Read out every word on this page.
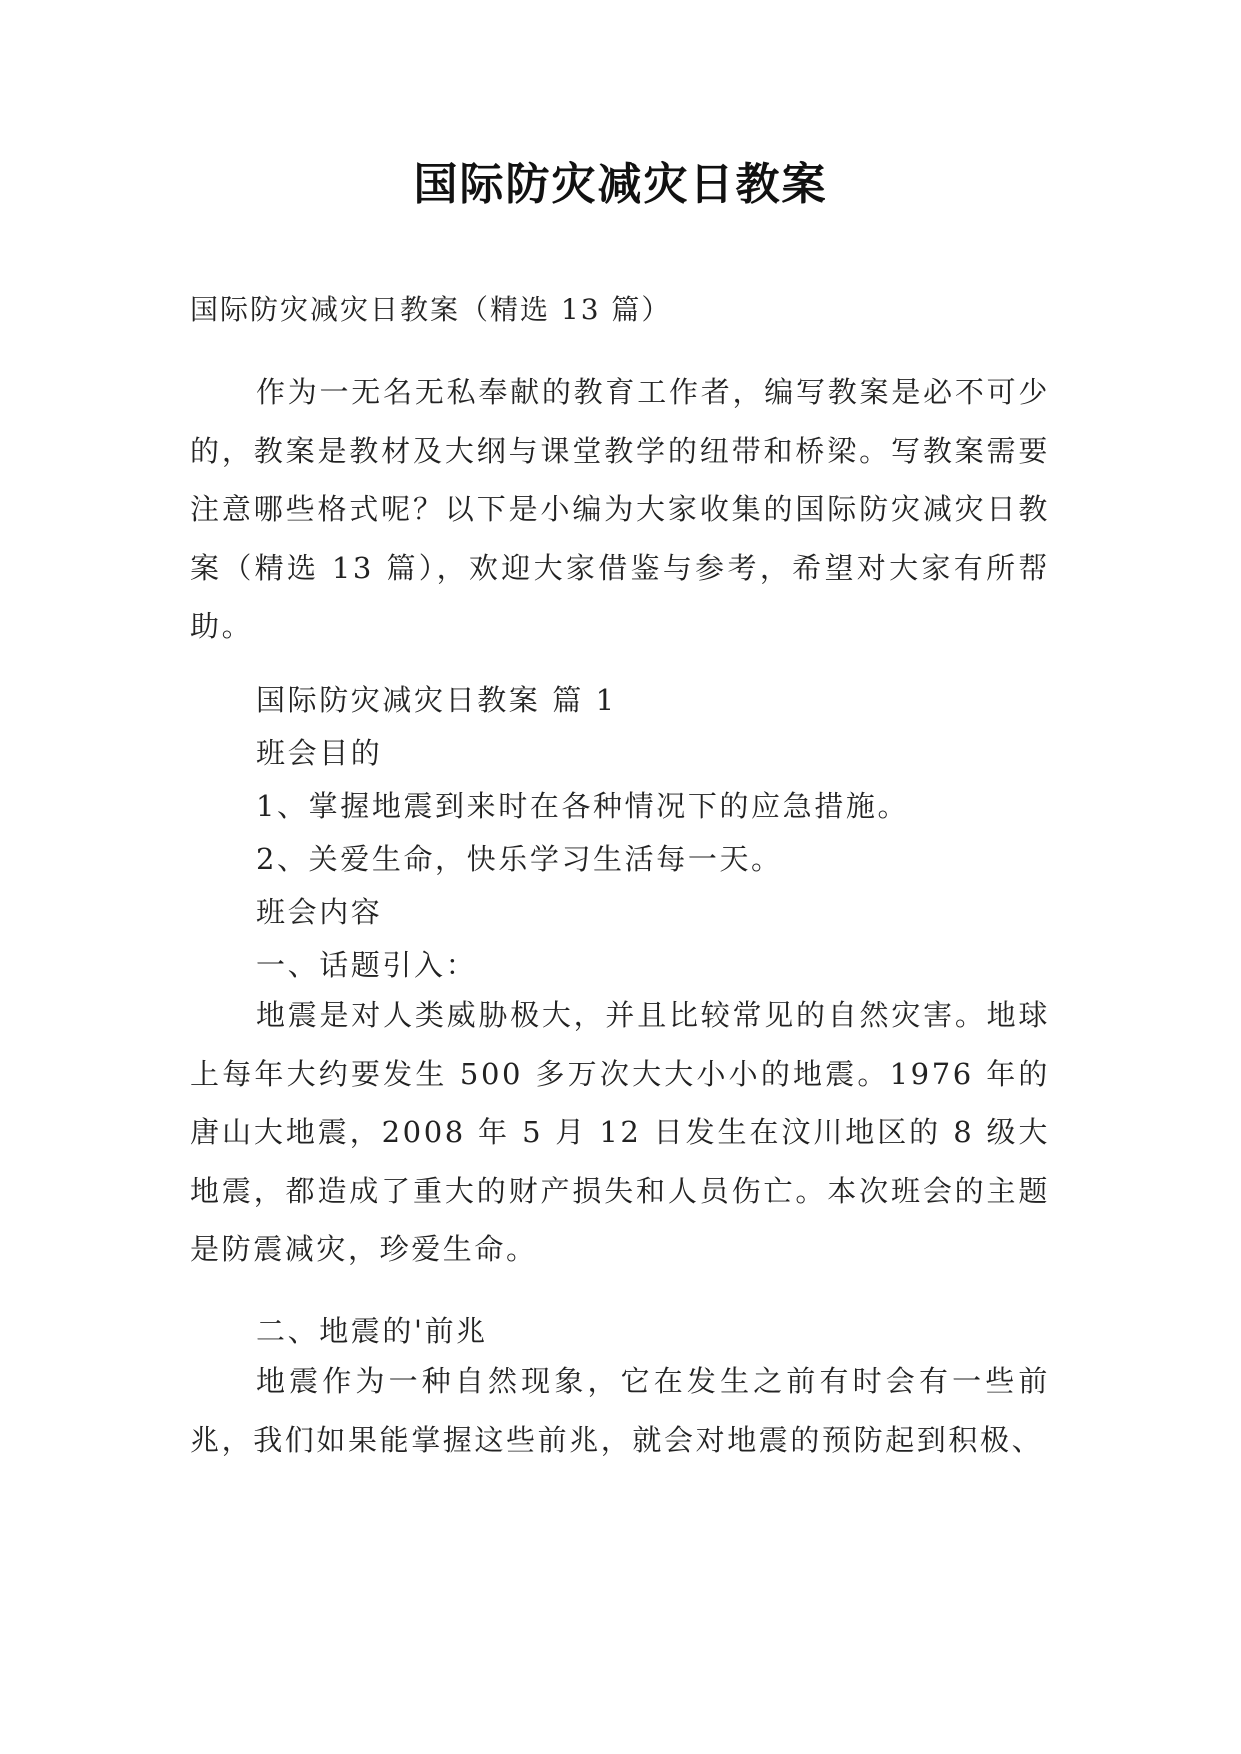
国际防灾减灾日教案
国际防灾减灾日教案（精选 13 篇）

作为一无名无私奉献的教育工作者，编写教案是必不可少的，教案是教材及大纲与课堂教学的纽带和桥梁。写教案需要注意哪些格式呢？以下是小编为大家收集的国际防灾减灾日教案（精选 13 篇），欢迎大家借鉴与参考，希望对大家有所帮助。

国际防灾减灾日教案 篇 1
班会目的
1、掌握地震到来时在各种情况下的应急措施。
2、关爱生命，快乐学习生活每一天。
班会内容
一、话题引入：

地震是对人类威胁极大，并且比较常见的自然灾害。地球上每年大约要发生 500 多万次大大小小的地震。1976 年的唐山大地震，2008 年 5 月 12 日发生在汶川地区的 8 级大地震，都造成了重大的财产损失和人员伤亡。本次班会的主题是防震减灾，珍爱生命。

二、地震的'前兆

地震作为一种自然现象，它在发生之前有时会有一些前兆，我们如果能掌握这些前兆，就会对地震的预防起到积极、
